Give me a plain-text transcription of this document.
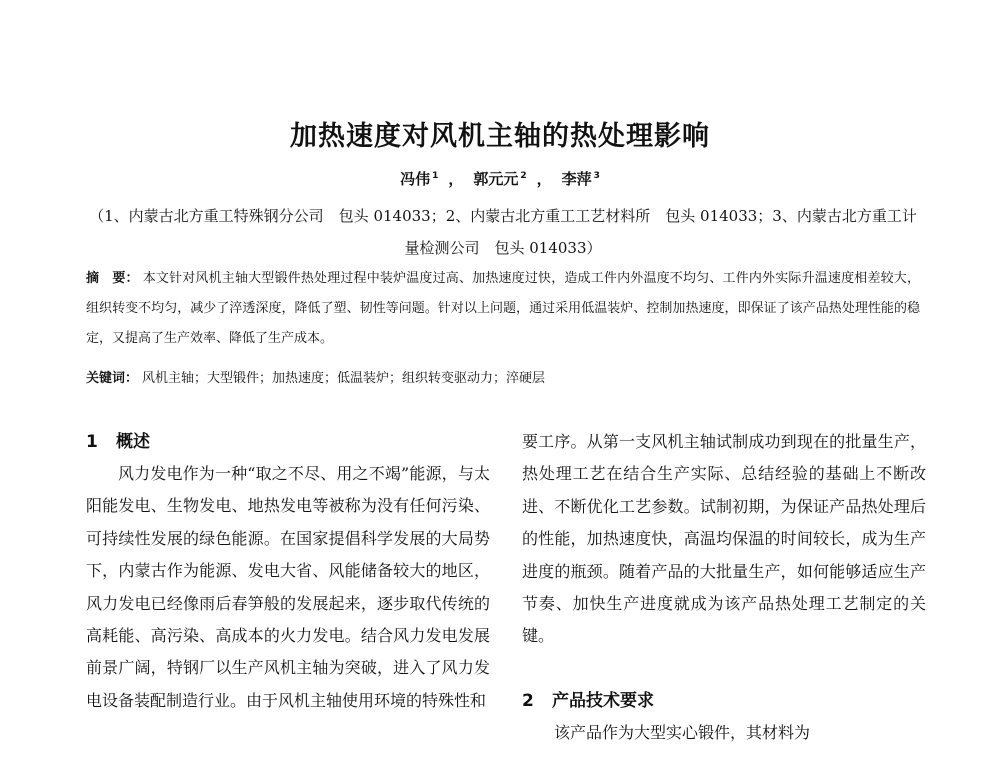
加热速度对风机主轴的热处理影响
冯伟 $^1$ ， 郭元元 $^2$ ， 李萍 $^3$
（1、内蒙古北方重工特殊钢分公司　包头 014033；2、内蒙古北方重工工艺材料所　包头 014033；3、内蒙古北方重工计量检测公司　包头 014033）
摘　要： 本文针对风机主轴大型锻件热处理过程中装炉温度过高、加热速度过快，造成工件内外温度不均匀、工件内外实际升温速度相差较大，组织转变不均匀，减少了淬透深度，降低了塑、韧性等问题。针对以上问题，通过采用低温装炉、控制加热速度，即保证了该产品热处理性能的稳定，又提高了生产效率、降低了生产成本。
关键词： 风机主轴；大型锻件；加热速度；低温装炉；组织转变驱动力；淬硬层
1 概述
风力发电作为一种“取之不尽、用之不竭”能源，与太阳能发电、生物发电、地热发电等被称为没有任何污染、可持续性发展的绿色能源。在国家提倡科学发展的大局势下，内蒙古作为能源、发电大省、风能储备较大的地区，风力发电已经像雨后春笋般的发展起来，逐步取代传统的高耗能、高污染、高成本的火力发电。结合风力发电发展前景广阔，特钢厂以生产风机主轴为突破，进入了风力发电设备装配制造行业。由于风机主轴使用环境的特殊性和
要工序。从第一支风机主轴试制成功到现在的批量生产，热处理工艺在结合生产实际、总结经验的基础上不断改进、不断优化工艺参数。试制初期，为保证产品热处理后的性能，加热速度快，高温均保温的时间较长，成为生产进度的瓶颈。随着产品的大批量生产，如何能够适应生产节奏、加快生产进度就成为该产品热处理工艺制定的关键。
2 产品技术要求
该产品作为大型实心锻件，其材料为
